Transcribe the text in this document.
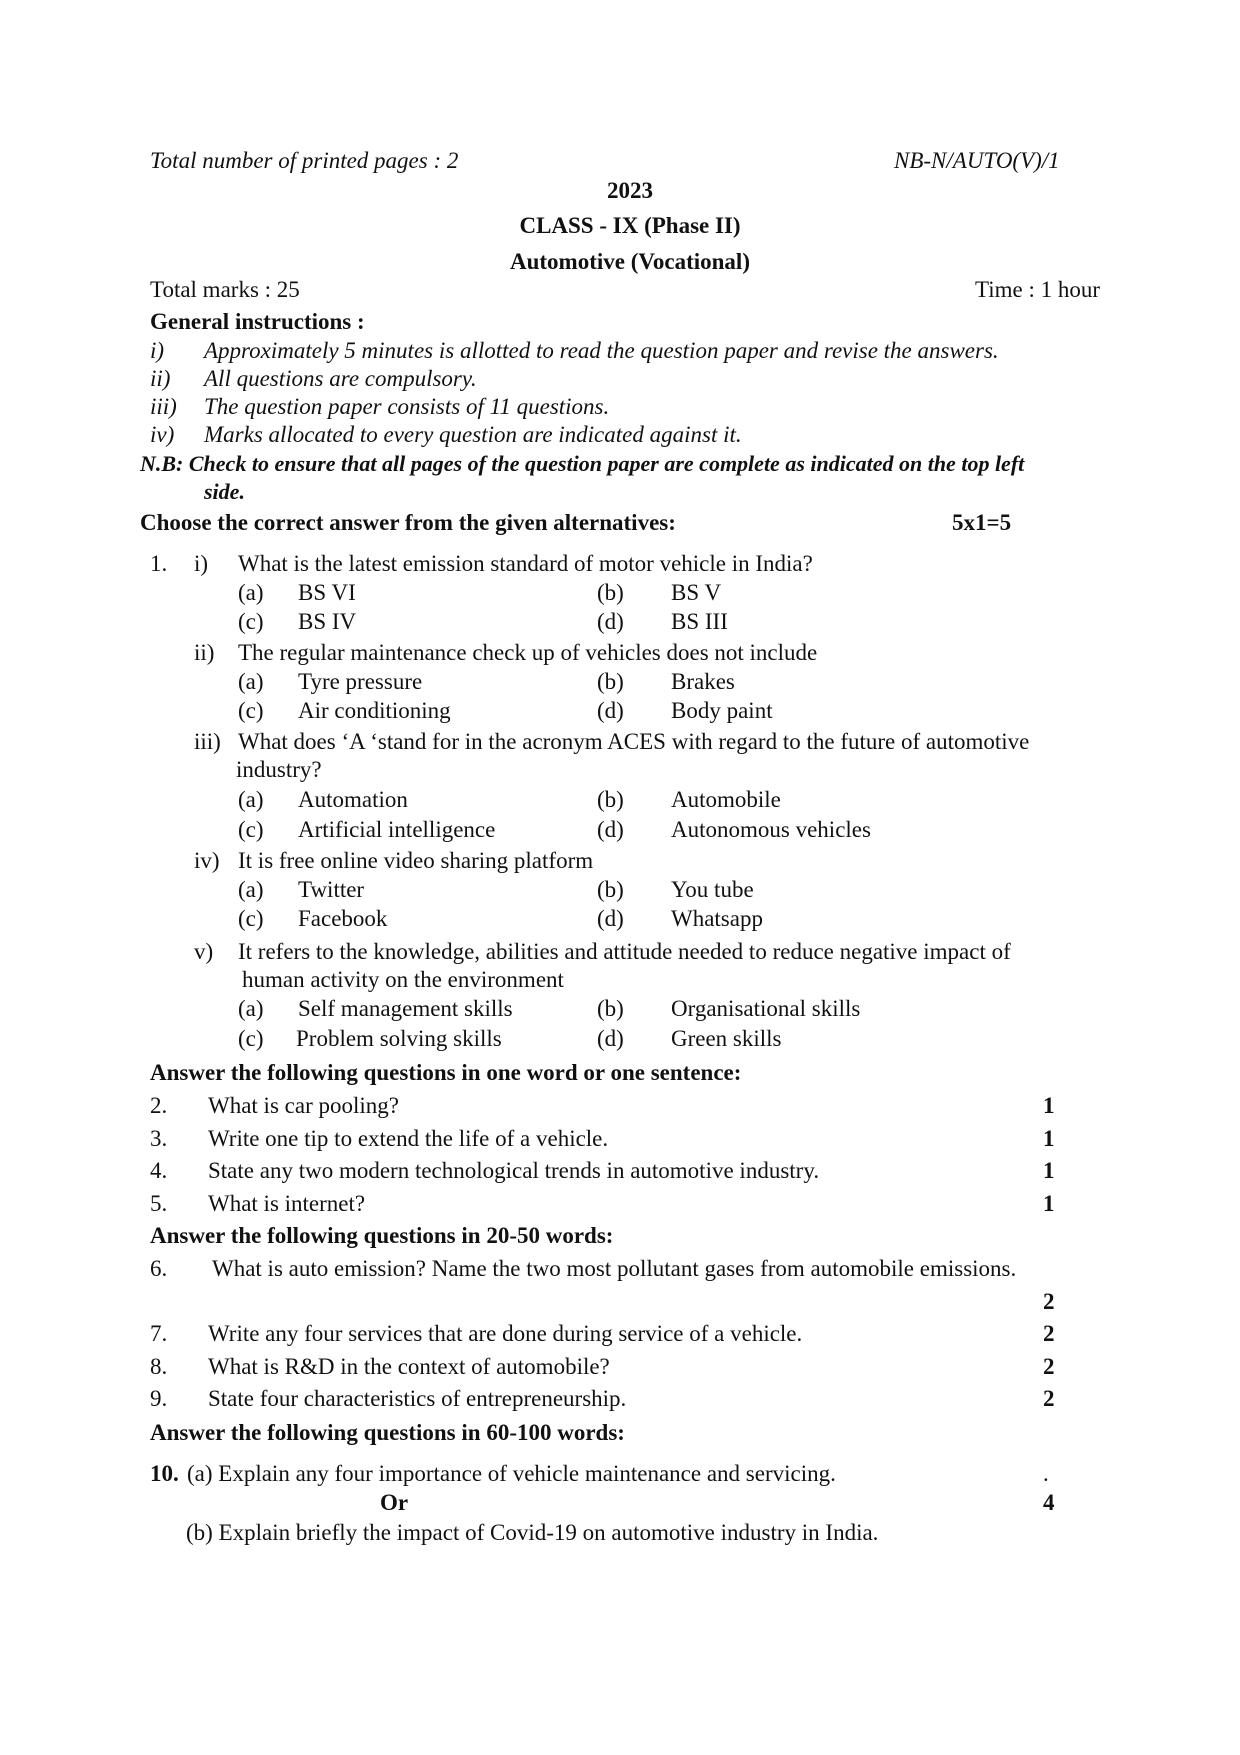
Total number of printed pages : 2	NB-N/AUTO(V)/1
2023
CLASS - IX (Phase II)
Automotive (Vocational)
Total marks : 25	Time : 1 hour
General instructions :
i) Approximately 5 minutes is allotted to read the question paper and revise the answers.
ii) All questions are compulsory.
iii) The question paper consists of 11 questions.
iv) Marks allocated to every question are indicated against it.
N.B: Check to ensure that all pages of the question paper are complete as indicated on the top left
side.
Choose the correct answer from the given alternatives:	5x1=5
1. i) What is the latest emission standard of motor vehicle in India?
(a) BS VI	(b) BS V
(c) BS IV	(d) BS III
ii) The regular maintenance check up of vehicles does not include
(a) Tyre pressure	(b) Brakes
(c) Air conditioning	(d) Body paint
iii) What does ‘A ‘stand for in the acronym ACES with regard to the future of automotive
industry?
(a) Automation	(b) Automobile
(c) Artificial intelligence	(d) Autonomous vehicles
iv) It is free online video sharing platform
(a) Twitter	(b) You tube
(c) Facebook	(d) Whatsapp
v) It refers to the knowledge, abilities and attitude needed to reduce negative impact of
human activity on the environment
(a) Self management skills	(b) Organisational skills
(c) Problem solving skills	(d) Green skills
Answer the following questions in one word or one sentence:
2. What is car pooling?	1
3. Write one tip to extend the life of a vehicle.	1
4. State any two modern technological trends in automotive industry.	1
5. What is internet?	1
Answer the following questions in 20-50 words:
6. What is auto emission? Name the two most pollutant gases from automobile emissions.
2
7. Write any four services that are done during service of a vehicle.	2
8. What is R&D in the context of automobile?	2
9. State four characteristics of entrepreneurship.	2
Answer the following questions in 60-100 words:
10. (a) Explain any four importance of vehicle maintenance and servicing.	.
Or	4
(b) Explain briefly the impact of Covid-19 on automotive industry in India.
